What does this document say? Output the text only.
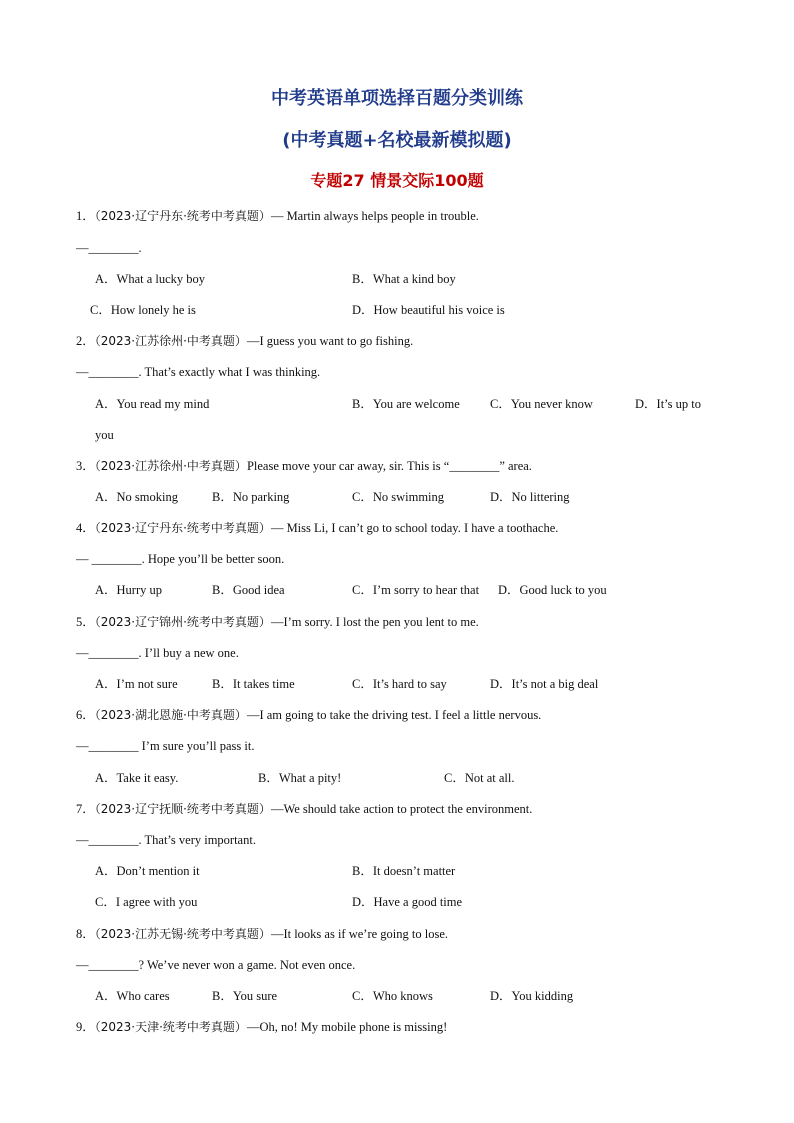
中考英语单项选择百题分类训练
(中考真题+名校最新模拟题)
专题27 情景交际100题
1．（2023·辽宁丹东·统考中考真题）— Martin always helps people in trouble.
—________.
A．What a lucky boy	B．What a kind boy
C．How lonely he is	D．How beautiful his voice is
2．（2023·江苏徐州·中考真题）—I guess you want to go fishing.
—________. That’s exactly what I was thinking.
A．You read my mind	B．You are welcome C．You never know	D．It’s up to
you
3．（2023·江苏徐州·中考真题）Please move your car away, sir. This is “________” area.
A．No smoking	B．No parking	C．No swimming	D．No littering
4．（2023·辽宁丹东·统考中考真题）— Miss Li, I can’t go to school today. I have a toothache.
— ________. Hope you’ll be better soon.
A．Hurry up	B．Good idea	C．I’m sorry to hear that D．Good luck to you
5．（2023·辽宁锦州·统考中考真题）—I’m sorry. I lost the pen you lent to me.
—________. I’ll buy a new one.
A．I’m not sure	B．It takes time	C．It’s hard to say	D．It’s not a big deal
6．（2023·湖北恩施·中考真题）—I am going to take the driving test. I feel a little nervous.
—________ I’m sure you’ll pass it.
A．Take it easy.	B．What a pity!	C．Not at all.
7．（2023·辽宁抚顺·统考中考真题）—We should take action to protect the environment.
—________. That’s very important.
A．Don’t mention it	B．It doesn’t matter
C．I agree with you	D．Have a good time
8．（2023·江苏无锡·统考中考真题）—It looks as if we’re going to lose.
—________? We’ve never won a game. Not even once.
A．Who cares	B．You sure	C．Who knows	D．You kidding
9．（2023·天津·统考中考真题）—Oh, no! My mobile phone is missing!
